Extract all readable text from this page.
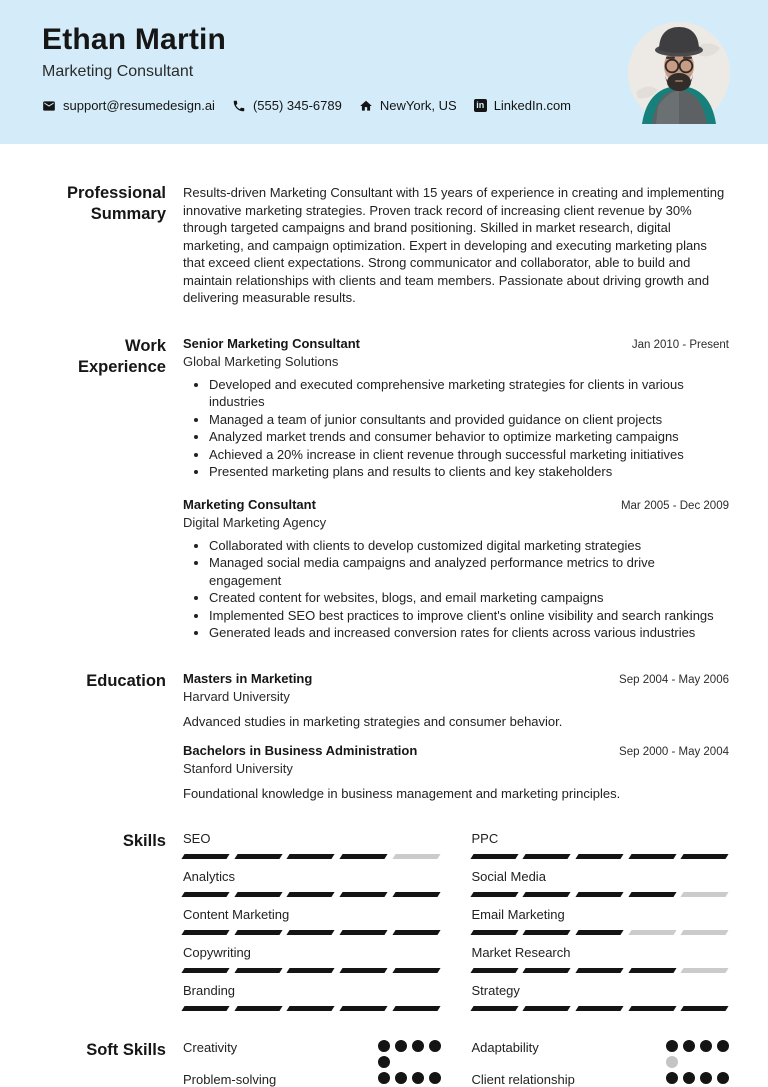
Ethan Martin
Marketing Consultant
support@resumedesign.ai	(555) 345-6789	NewYork, US in LinkedIn.com
Professional Summary
Results-driven Marketing Consultant with 15 years of experience in creating and implementing innovative marketing strategies. Proven track record of increasing client revenue by 30% through targeted campaigns and brand positioning. Skilled in market research, digital marketing, and campaign optimization. Expert in developing and executing marketing plans that exceed client expectations. Strong communicator and collaborator, able to build and maintain relationships with clients and team members. Passionate about driving growth and delivering measurable results.
Work Experience
Senior Marketing Consultant	Jan 2010 - Present
Global Marketing Solutions
• Developed and executed comprehensive marketing strategies for clients in various industries
• Managed a team of junior consultants and provided guidance on client projects
• Analyzed market trends and consumer behavior to optimize marketing campaigns
• Achieved a 20% increase in client revenue through successful marketing initiatives
• Presented marketing plans and results to clients and key stakeholders
Marketing Consultant	Mar 2005 - Dec 2009
Digital Marketing Agency
• Collaborated with clients to develop customized digital marketing strategies
• Managed social media campaigns and analyzed performance metrics to drive engagement
• Created content for websites, blogs, and email marketing campaigns
• Implemented SEO best practices to improve client's online visibility and search rankings
• Generated leads and increased conversion rates for clients across various industries
Education Masters in Marketing	Sep 2004 - May 2006
Harvard University
Advanced studies in marketing strategies and consumer behavior.
Bachelors in Business Administration	Sep 2000 - May 2004
Stanford University
Foundational knowledge in business management and marketing principles.
Skills SEO	PPC
Analytics	Social Media
Content Marketing	Email Marketing
Copywriting	Market Research
Branding	Strategy
Soft Skills Creativity	Adaptability
Problem-solving	Client relationship
